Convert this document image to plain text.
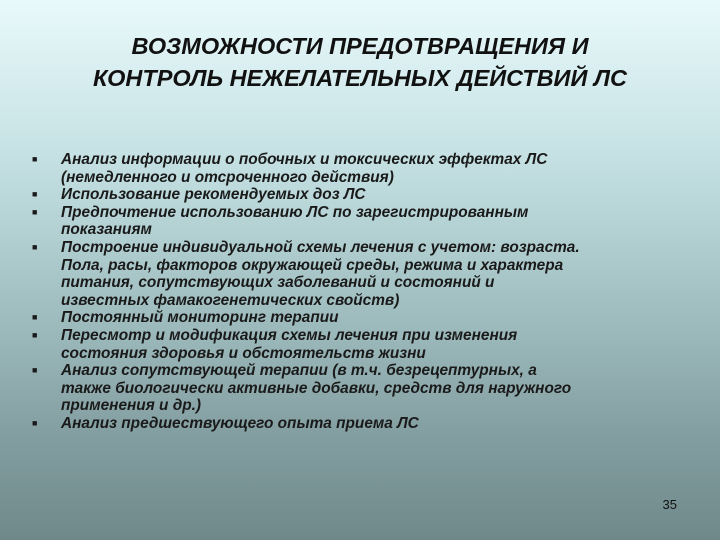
ВОЗМОЖНОСТИ ПРЕДОТВРАЩЕНИЯ И
КОНТРОЛЬ НЕЖЕЛАТЕЛЬНЫХ ДЕЙСТВИЙ ЛС
■ Анализ информации о побочных и токсических эффектах ЛС
(немедленного и отсроченного действия)
■ Использование рекомендуемых доз ЛС
■ Предпочтение использованию ЛС по зарегистрированным
показаниям
■ Построение индивидуальной схемы лечения с учетом: возраста.
Пола, расы, факторов окружающей среды, режима и характера
питания, сопутствующих заболеваний и состояний и
известных фамакогенетических свойств)
■ Постоянный мониторинг терапии
■ Пересмотр и модификация схемы лечения при изменения
состояния здоровья и обстоятельств жизни
■ Анализ сопутствующей терапии (в т.ч. безрецептурных, а
также биологически активные добавки, средств для наружного
применения и др.)
■ Анализ предшествующего опыта приема ЛС
35
